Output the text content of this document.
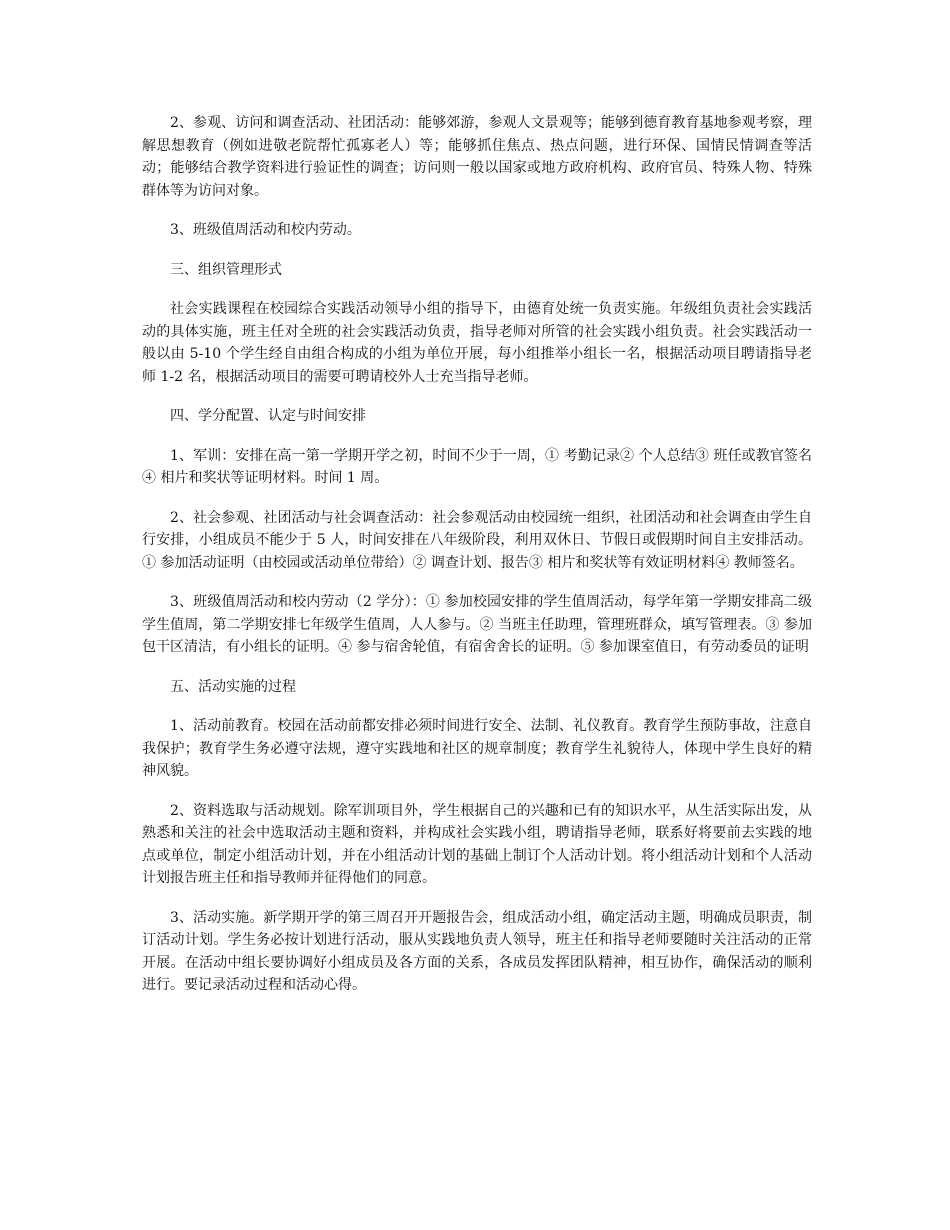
2、参观、访问和调查活动、社团活动：能够郊游，参观人文景观等；能够到德育教育基地参观考察，理解思想教育（例如进敬老院帮忙孤寡老人）等；能够抓住焦点、热点问题，进行环保、国情民情调查等活动；能够结合教学资料进行验证性的调查；访问则一般以国家或地方政府机构、政府官员、特殊人物、特殊群体等为访问对象。

3、班级值周活动和校内劳动。

三、组织管理形式

社会实践课程在校园综合实践活动领导小组的指导下，由德育处统一负责实施。年级组负责社会实践活动的具体实施，班主任对全班的社会实践活动负责，指导老师对所管的社会实践小组负责。社会实践活动一般以由 5-10 个学生经自由组合构成的小组为单位开展，每小组推举小组长一名，根据活动项目聘请指导老师 1-2 名，根据活动项目的需要可聘请校外人士充当指导老师。

四、学分配置、认定与时间安排

1、军训：安排在高一第一学期开学之初，时间不少于一周，① 考勤记录② 个人总结③ 班任或教官签名④ 相片和奖状等证明材料。时间 1 周。

2、社会参观、社团活动与社会调查活动：社会参观活动由校园统一组织，社团活动和社会调查由学生自行安排，小组成员不能少于 5 人，时间安排在八年级阶段，利用双休日、节假日或假期时间自主安排活动。① 参加活动证明（由校园或活动单位带给）② 调查计划、报告③ 相片和奖状等有效证明材料④ 教师签名。

3、班级值周活动和校内劳动（2 学分）：① 参加校园安排的学生值周活动，每学年第一学期安排高二级学生值周，第二学期安排七年级学生值周，人人参与。② 当班主任助理，管理班群众，填写管理表。③ 参加包干区清洁，有小组长的证明。④ 参与宿舍轮值，有宿舍舍长的证明。⑤ 参加课室值日，有劳动委员的证明

五、活动实施的过程

1、活动前教育。校园在活动前都安排必须时间进行安全、法制、礼仪教育。教育学生预防事故，注意自我保护；教育学生务必遵守法规，遵守实践地和社区的规章制度；教育学生礼貌待人，体现中学生良好的精神风貌。

2、资料选取与活动规划。除军训项目外，学生根据自己的兴趣和已有的知识水平，从生活实际出发，从熟悉和关注的社会中选取活动主题和资料，并构成社会实践小组，聘请指导老师，联系好将要前去实践的地点或单位，制定小组活动计划，并在小组活动计划的基础上制订个人活动计划。将小组活动计划和个人活动计划报告班主任和指导教师并征得他们的同意。

3、活动实施。新学期开学的第三周召开开题报告会，组成活动小组，确定活动主题，明确成员职责，制订活动计划。学生务必按计划进行活动，服从实践地负责人领导，班主任和指导老师要随时关注活动的正常开展。在活动中组长要协调好小组成员及各方面的关系，各成员发挥团队精神，相互协作，确保活动的顺利进行。要记录活动过程和活动心得。
